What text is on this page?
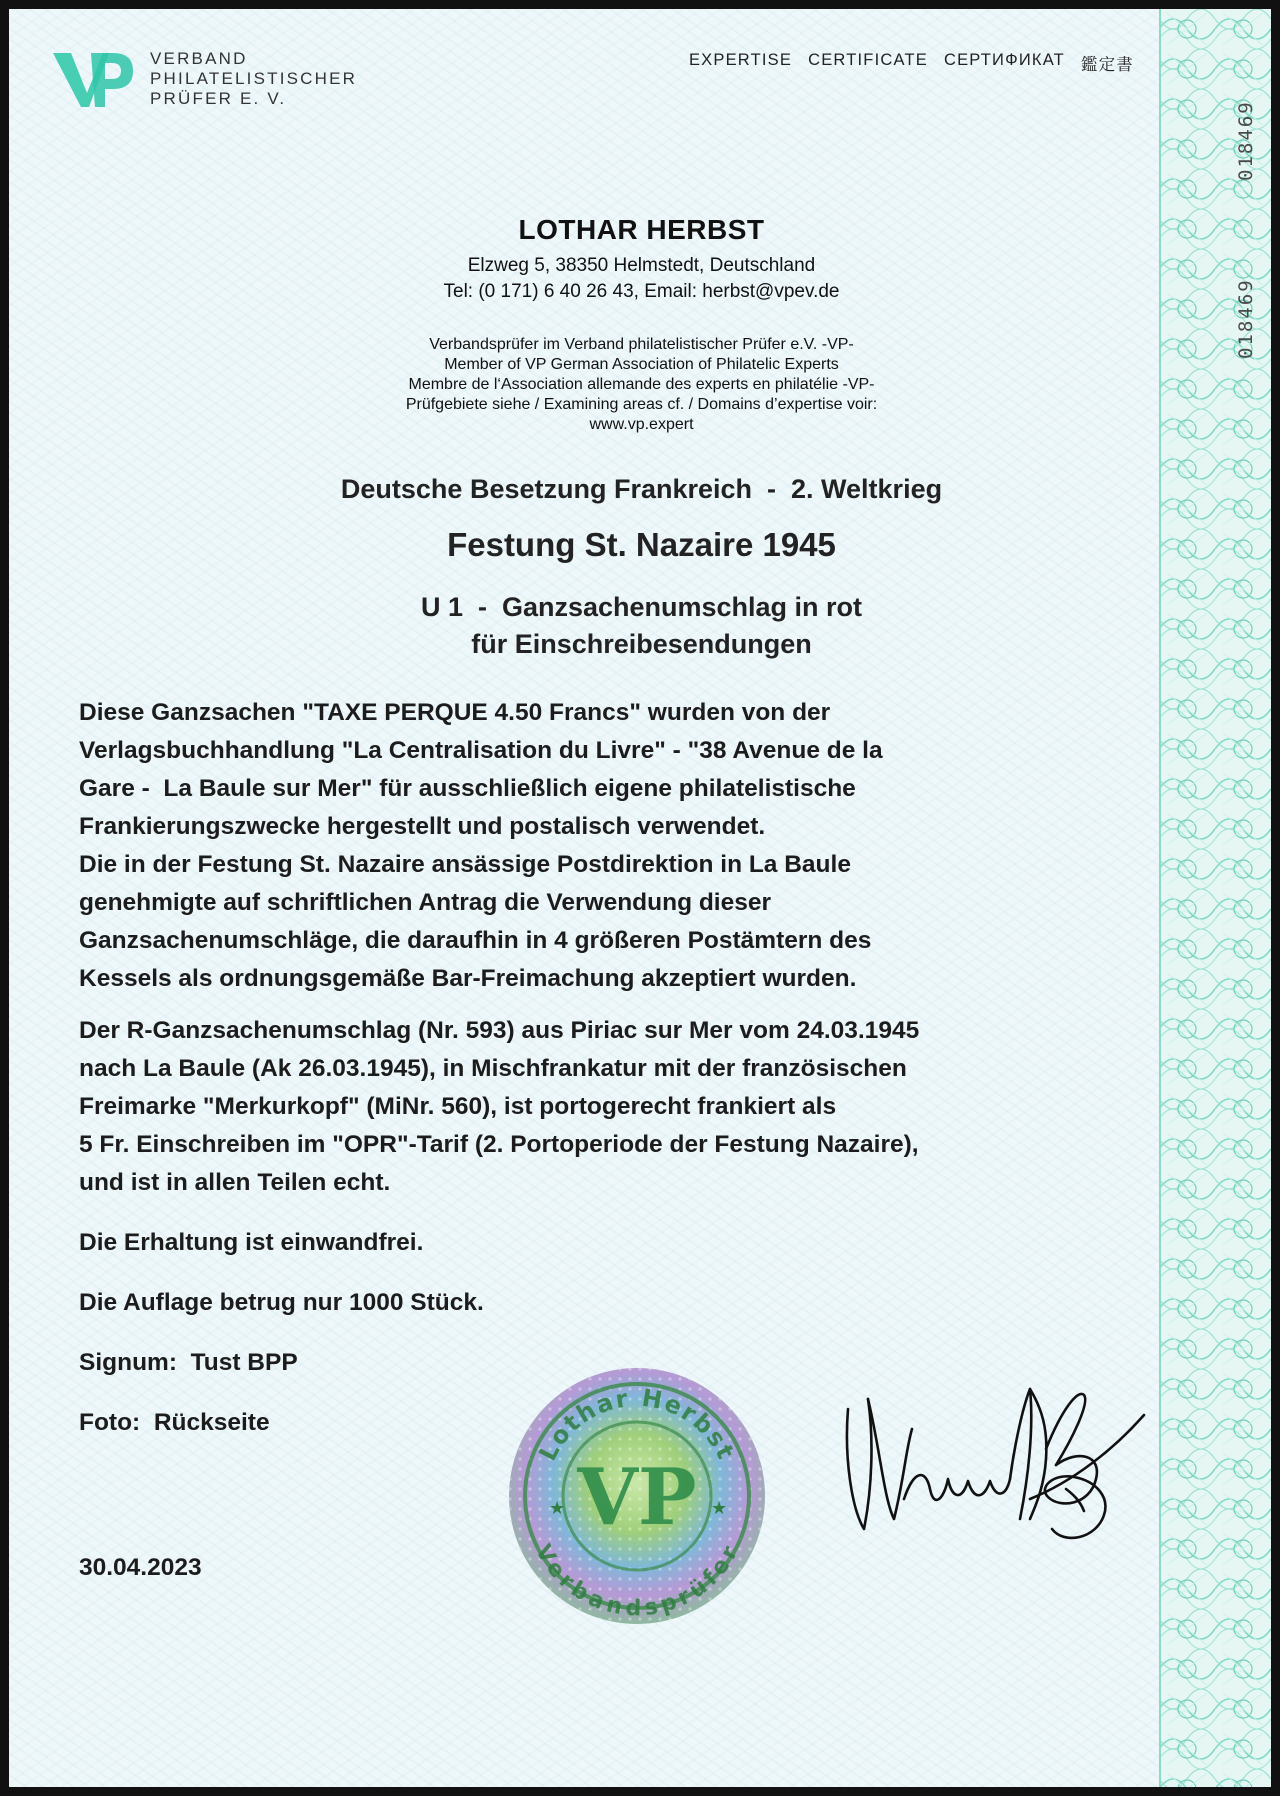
018469
018469
VERBAND
PHILATELISTISCHER
PRÜFER E. V.
EXPERTISE CERTIFICATE СЕРТИФИКАТ 鑑定書
LOTHAR HERBST
Elzweg 5, 38350 Helmstedt, Deutschland
Tel: (0 171) 6 40 26 43, Email: herbst@vpev.de
Verbandsprüfer im Verband philatelistischer Prüfer e.V. -VP-
Member of VP German Association of Philatelic Experts
Membre de l‘Association allemande des experts en philatélie -VP-
Prüfgebiete siehe / Examining areas cf. / Domains d’expertise voir:
www.vp.expert
Deutsche Besetzung Frankreich  -  2. Weltkrieg
Festung St. Nazaire 1945
U 1  -  Ganzsachenumschlag in rot
für Einschreibesendungen
Diese Ganzsachen "TAXE PERQUE 4.50 Francs" wurden von der
Verlagsbuchhandlung "La Centralisation du Livre" - "38 Avenue de la
Gare -  La Baule sur Mer" für ausschließlich eigene philatelistische
Frankierungszwecke hergestellt und postalisch verwendet.
Die in der Festung St. Nazaire ansässige Postdirektion in La Baule
genehmigte auf schriftlichen Antrag die Verwendung dieser
Ganzsachenumschläge, die daraufhin in 4 größeren Postämtern des
Kessels als ordnungsgemäße Bar-Freimachung akzeptiert wurden.
Der R-Ganzsachenumschlag (Nr. 593) aus Piriac sur Mer vom 24.03.1945
nach La Baule (Ak 26.03.1945), in Mischfrankatur mit der französischen
Freimarke "Merkurkopf" (MiNr. 560), ist portogerecht frankiert als
5 Fr. Einschreiben im "OPR"-Tarif (2. Portoperiode der Festung Nazaire),
und ist in allen Teilen echt.
Die Erhaltung ist einwandfrei.
Die Auflage betrug nur 1000 Stück.
Signum:  Tust BPP
Foto:  Rückseite
30.04.2023
Lothar Herbst
Verbandsprüfer
VP
★	★
